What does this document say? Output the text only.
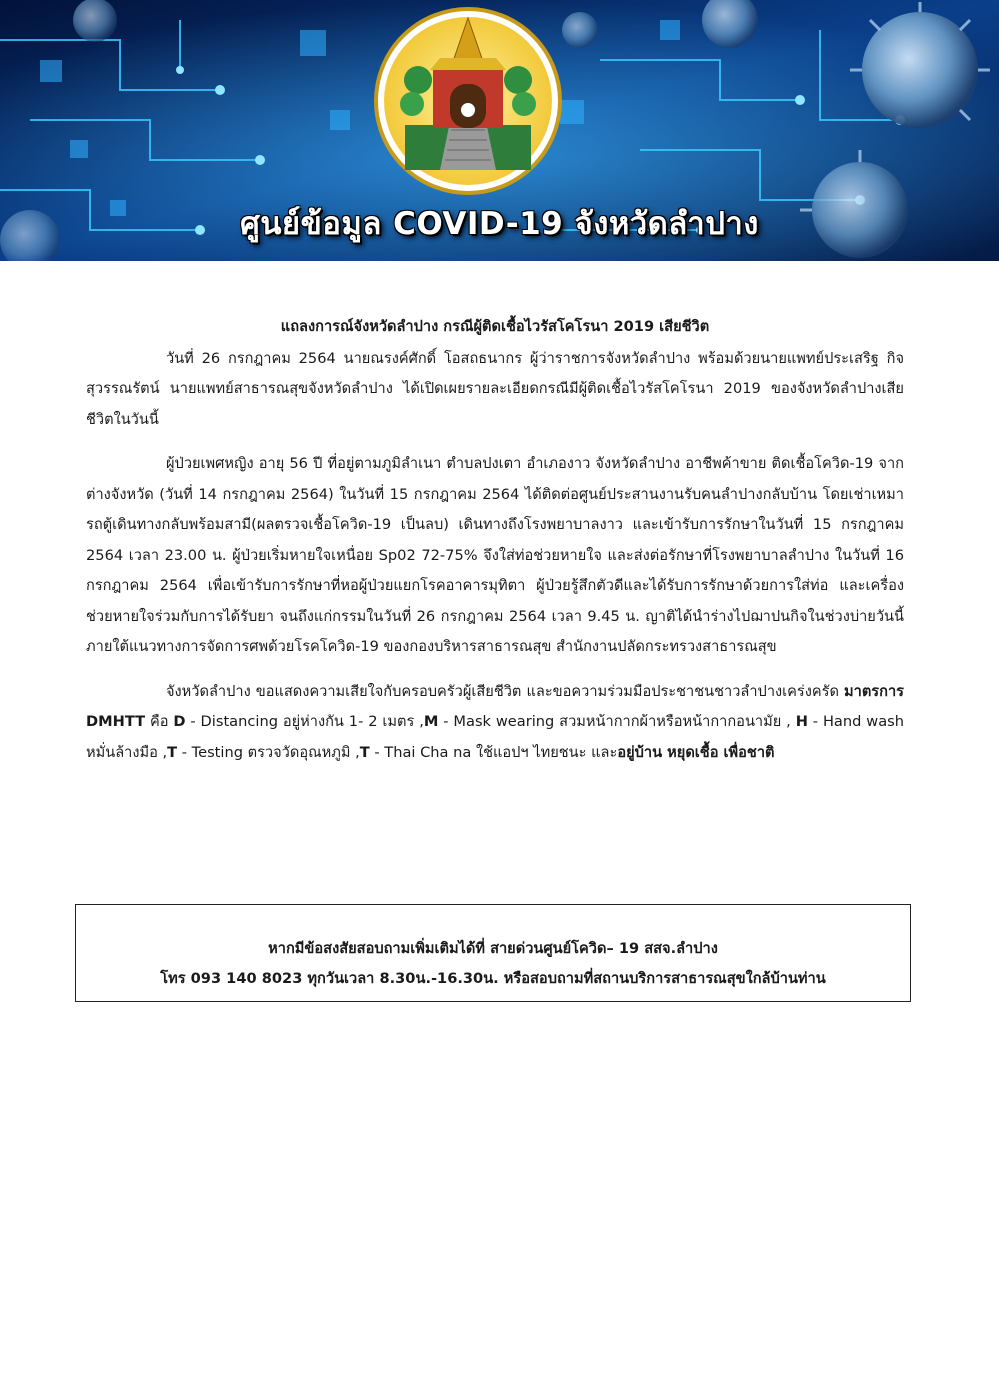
ศูนย์ข้อมูล COVID-19 จังหวัดลำปาง

แถลงการณ์จังหวัดลำปาง กรณีผู้ติดเชื้อไวรัสโคโรนา 2019 เสียชีวิต

วันที่ 26 กรกฎาคม 2564 นายณรงค์ศักดิ์ โอสถธนากร ผู้ว่าราชการจังหวัดลำปาง พร้อมด้วยนายแพทย์ประเสริฐ กิจสุวรรณรัตน์ นายแพทย์สาธารณสุขจังหวัดลำปาง ได้เปิดเผยรายละเอียดกรณีมีผู้ติดเชื้อไวรัสโคโรนา 2019 ของจังหวัดลำปางเสียชีวิตในวันนี้

ผู้ป่วยเพศหญิง อายุ 56 ปี ที่อยู่ตามภูมิลำเนา ตำบลปงเตา อำเภองาว จังหวัดลำปาง อาชีพค้าขาย ติดเชื้อโควิด-19 จากต่างจังหวัด (วันที่ 14 กรกฎาคม 2564) ในวันที่ 15 กรกฎาคม 2564 ได้ติดต่อศูนย์ประสานงานรับคนลำปางกลับบ้าน โดยเช่าเหมารถตู้เดินทางกลับพร้อมสามี(ผลตรวจเชื้อโควิด-19 เป็นลบ) เดินทางถึงโรงพยาบาลงาว และเข้ารับการรักษาในวันที่ 15 กรกฎาคม 2564 เวลา 23.00 น. ผู้ป่วยเริ่มหายใจเหนื่อย Sp02 72-75% จึงใส่ท่อช่วยหายใจ และส่งต่อรักษาที่โรงพยาบาลลำปาง ในวันที่ 16 กรกฎาคม 2564 เพื่อเข้ารับการรักษาที่หอผู้ป่วยแยกโรคอาคารมุทิตา ผู้ป่วยรู้สึกตัวดีและได้รับการรักษาด้วยการใส่ท่อ และเครื่องช่วยหายใจร่วมกับการได้รับยา จนถึงแก่กรรมในวันที่ 26 กรกฎาคม 2564 เวลา 9.45 น. ญาติได้นำร่างไปฌาปนกิจในช่วงบ่ายวันนี้ภายใต้แนวทางการจัดการศพด้วยโรคโควิด-19 ของกองบริหารสาธารณสุข สำนักงานปลัดกระทรวงสาธารณสุข

จังหวัดลำปาง ขอแสดงความเสียใจกับครอบครัวผู้เสียชีวิต และขอความร่วมมือประชาชนชาวลำปางเคร่งครัด มาตรการ DMHTT คือ D - Distancing อยู่ห่างกัน 1- 2 เมตร ,M - Mask wearing สวมหน้ากากผ้าหรือหน้ากากอนามัย , H - Hand wash หมั่นล้างมือ ,T - Testing ตรวจวัดอุณหภูมิ ,T - Thai Cha na ใช้แอปฯ ไทยชนะ และอยู่บ้าน หยุดเชื้อ เพื่อชาติ

หากมีข้อสงสัยสอบถามเพิ่มเติมได้ที่ สายด่วนศูนย์โควิด– 19 สสจ.ลำปาง
โทร 093 140 8023 ทุกวันเวลา 8.30น.-16.30น. หรือสอบถามที่สถานบริการสาธารณสุขใกล้บ้านท่าน
